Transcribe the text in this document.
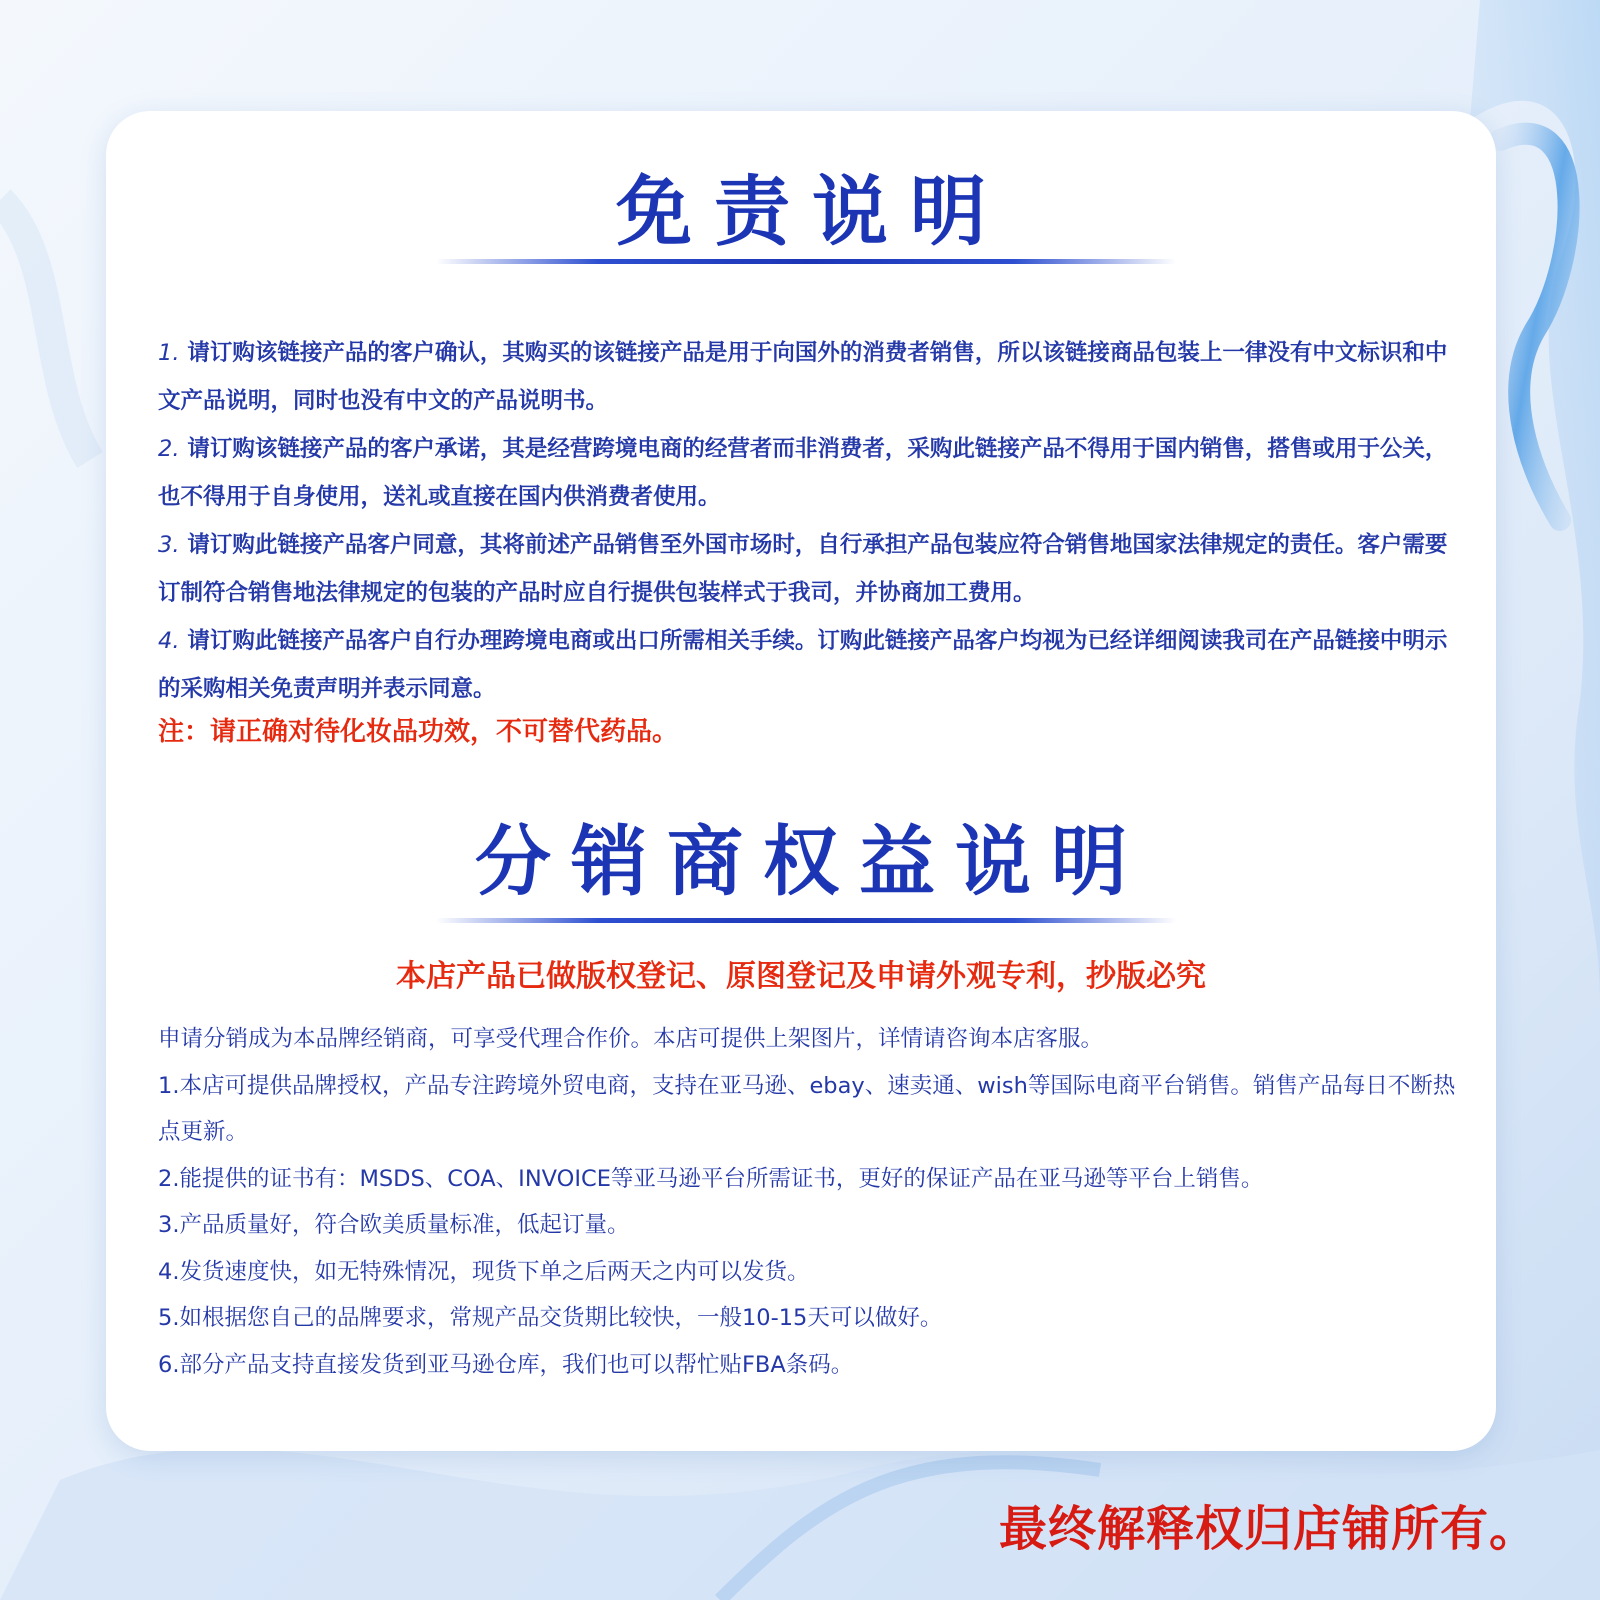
免责说明

1. 请订购该链接产品的客户确认，其购买的该链接产品是用于向国外的消费者销售，所以该链接商品包装上一律没有中文标识和中文产品说明，同时也没有中文的产品说明书。

2. 请订购该链接产品的客户承诺，其是经营跨境电商的经营者而非消费者，采购此链接产品不得用于国内销售，搭售或用于公关，也不得用于自身使用，送礼或直接在国内供消费者使用。

3. 请订购此链接产品客户同意，其将前述产品销售至外国市场时，自行承担产品包装应符合销售地国家法律规定的责任。客户需要订制符合销售地法律规定的包装的产品时应自行提供包装样式于我司，并协商加工费用。

4. 请订购此链接产品客户自行办理跨境电商或出口所需相关手续。订购此链接产品客户均视为已经详细阅读我司在产品链接中明示的采购相关免责声明并表示同意。

注：请正确对待化妆品功效，不可替代药品。

分销商权益说明

本店产品已做版权登记、原图登记及申请外观专利，抄版必究

申请分销成为本品牌经销商，可享受代理合作价。本店可提供上架图片，详情请咨询本店客服。

1.本店可提供品牌授权，产品专注跨境外贸电商，支持在亚马逊、ebay、速卖通、wish等国际电商平台销售。销售产品每日不断热点更新。

2.能提供的证书有：MSDS、COA、INVOICE等亚马逊平台所需证书，更好的保证产品在亚马逊等平台上销售。

3.产品质量好，符合欧美质量标准，低起订量。

4.发货速度快，如无特殊情况，现货下单之后两天之内可以发货。

5.如根据您自己的品牌要求，常规产品交货期比较快，一般10-15天可以做好。

6.部分产品支持直接发货到亚马逊仓库，我们也可以帮忙贴FBA条码。

最终解释权归店铺所有。
